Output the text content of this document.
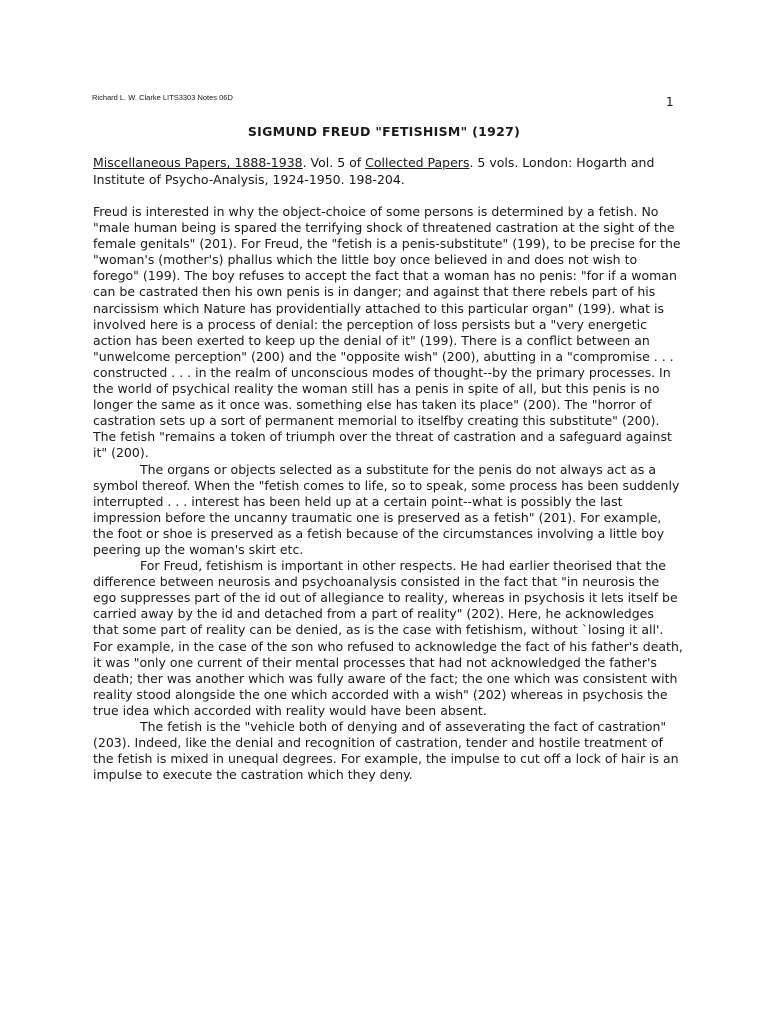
Richard L. W. Clarke LITS3303 Notes 06D	1
SIGMUND FREUD "FETISHISM" (1927)
Miscellaneous Papers, 1888-1938. Vol. 5 of Collected Papers. 5 vols. London: Hogarth and Institute of Psycho-Analysis, 1924-1950. 198-204.

Freud is interested in why the object-choice of some persons is determined by a fetish. No "male human being is spared the terrifying shock of threatened castration at the sight of the female genitals" (201). For Freud, the "fetish is a penis-substitute" (199), to be precise for the "woman's (mother's) phallus which the little boy once believed in and does not wish to forego" (199). The boy refuses to accept the fact that a woman has no penis: "for if a woman can be castrated then his own penis is in danger; and against that there rebels part of his narcissism which Nature has providentially attached to this particular organ" (199). what is involved here is a process of denial: the perception of loss persists but a "very energetic action has been exerted to keep up the denial of it" (199). There is a conflict between an "unwelcome perception" (200) and the "opposite wish" (200), abutting in a "compromise . . . constructed . . . in the realm of unconscious modes of thought--by the primary processes. In the world of psychical reality the woman still has a penis in spite of all, but this penis is no longer the same as it once was. something else has taken its place" (200). The "horror of castration sets up a sort of permanent memorial to itselfby creating this substitute" (200). The fetish "remains a token of triumph over the threat of castration and a safeguard against it" (200).

The organs or objects selected as a substitute for the penis do not always act as a symbol thereof. When the "fetish comes to life, so to speak, some process has been suddenly interrupted . . . interest has been held up at a certain point--what is possibly the last impression before the uncanny traumatic one is preserved as a fetish" (201). For example, the foot or shoe is preserved as a fetish because of the circumstances involving a little boy peering up the woman's skirt etc.

For Freud, fetishism is important in other respects. He had earlier theorised that the difference between neurosis and psychoanalysis consisted in the fact that "in neurosis the ego suppresses part of the id out of allegiance to reality, whereas in psychosis it lets itself be carried away by the id and detached from a part of reality" (202). Here, he acknowledges that some part of reality can be denied, as is the case with fetishism, without `losing it all'. For example, in the case of the son who refused to acknowledge the fact of his father's death, it was "only one current of their mental processes that had not acknowledged the father's death; ther was another which was fully aware of the fact; the one which was consistent with reality stood alongside the one which accorded with a wish" (202) whereas in psychosis the true idea which accorded with reality would have been absent.

The fetish is the "vehicle both of denying and of asseverating the fact of castration" (203). Indeed, like the denial and recognition of castration, tender and hostile treatment of the fetish is mixed in unequal degrees. For example, the impulse to cut off a lock of hair is an impulse to execute the castration which they deny.
